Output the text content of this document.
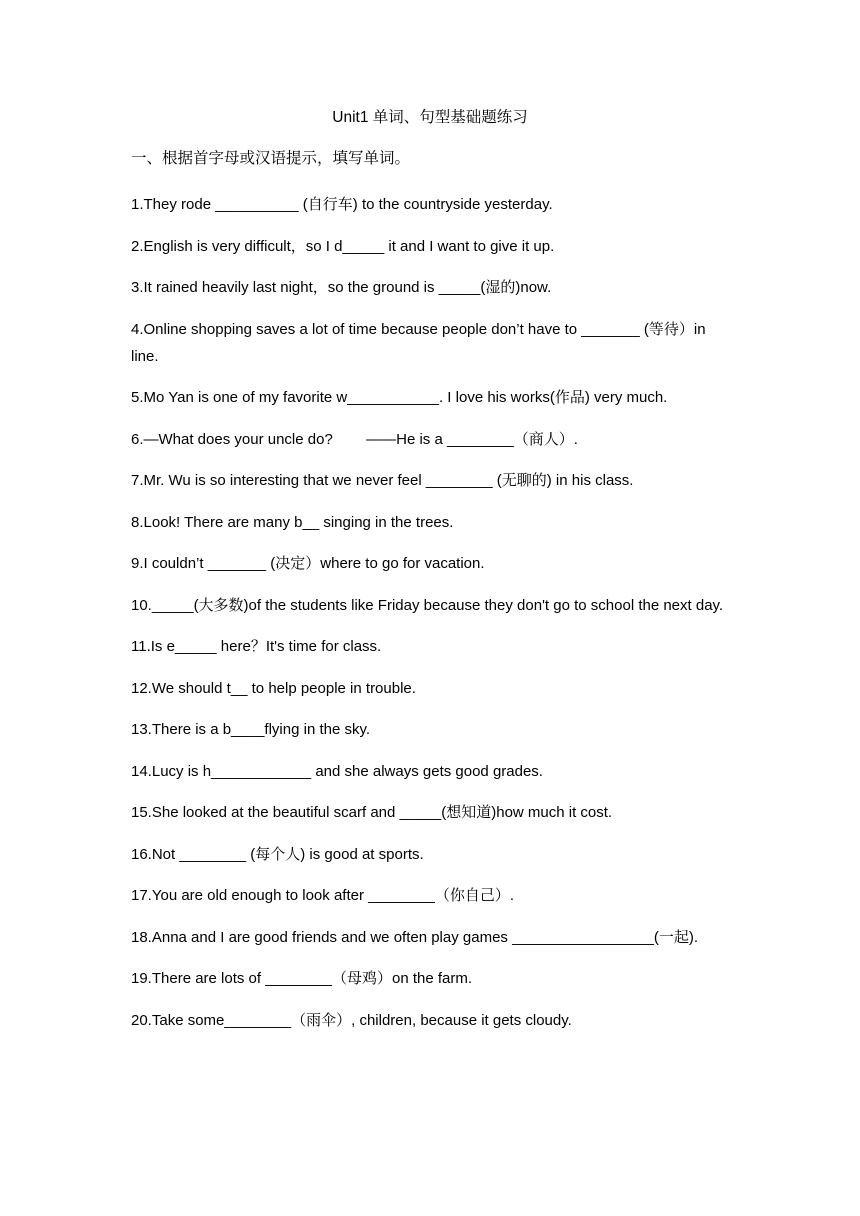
Unit1 单词、句型基础题练习
一、根据首字母或汉语提示，填写单词。
1.They rode __________ (自行车) to the countryside yesterday.
2.English is very difficult，so I d_____ it and I want to give it up.
3.It rained heavily last night，so the ground is _____(湿的)now.
4.Online shopping saves a lot of time because people don’t have to _______ (等待）in line.
5.Mo Yan is one of my favorite w___________. I love his works(作品) very much.
6.—What does your uncle do?        ——He is a ________（商人）.
7.Mr. Wu is so interesting that we never feel ________ (无聊的) in his class.
8.Look! There are many b__ singing in the trees.
9.I couldn’t _______ (决定）where to go for vacation.
10._____(大多数)of the students like Friday because they don't go to school the next day.
11.Is e_____ here？It's time for class.
12.We should t__ to help people in trouble.
13.There is a b____flying in the sky.
14.Lucy is h____________ and she always gets good grades.
15.She looked at the beautiful scarf and _____(想知道)how much it cost.
16.Not ________ (每个人) is good at sports.
17.You are old enough to look after ________（你自己）.
18.Anna and I are good friends and we often play games _________________(一起).
19.There are lots of ________（母鸡）on the farm.
20.Take some________（雨伞）, children, because it gets cloudy.
